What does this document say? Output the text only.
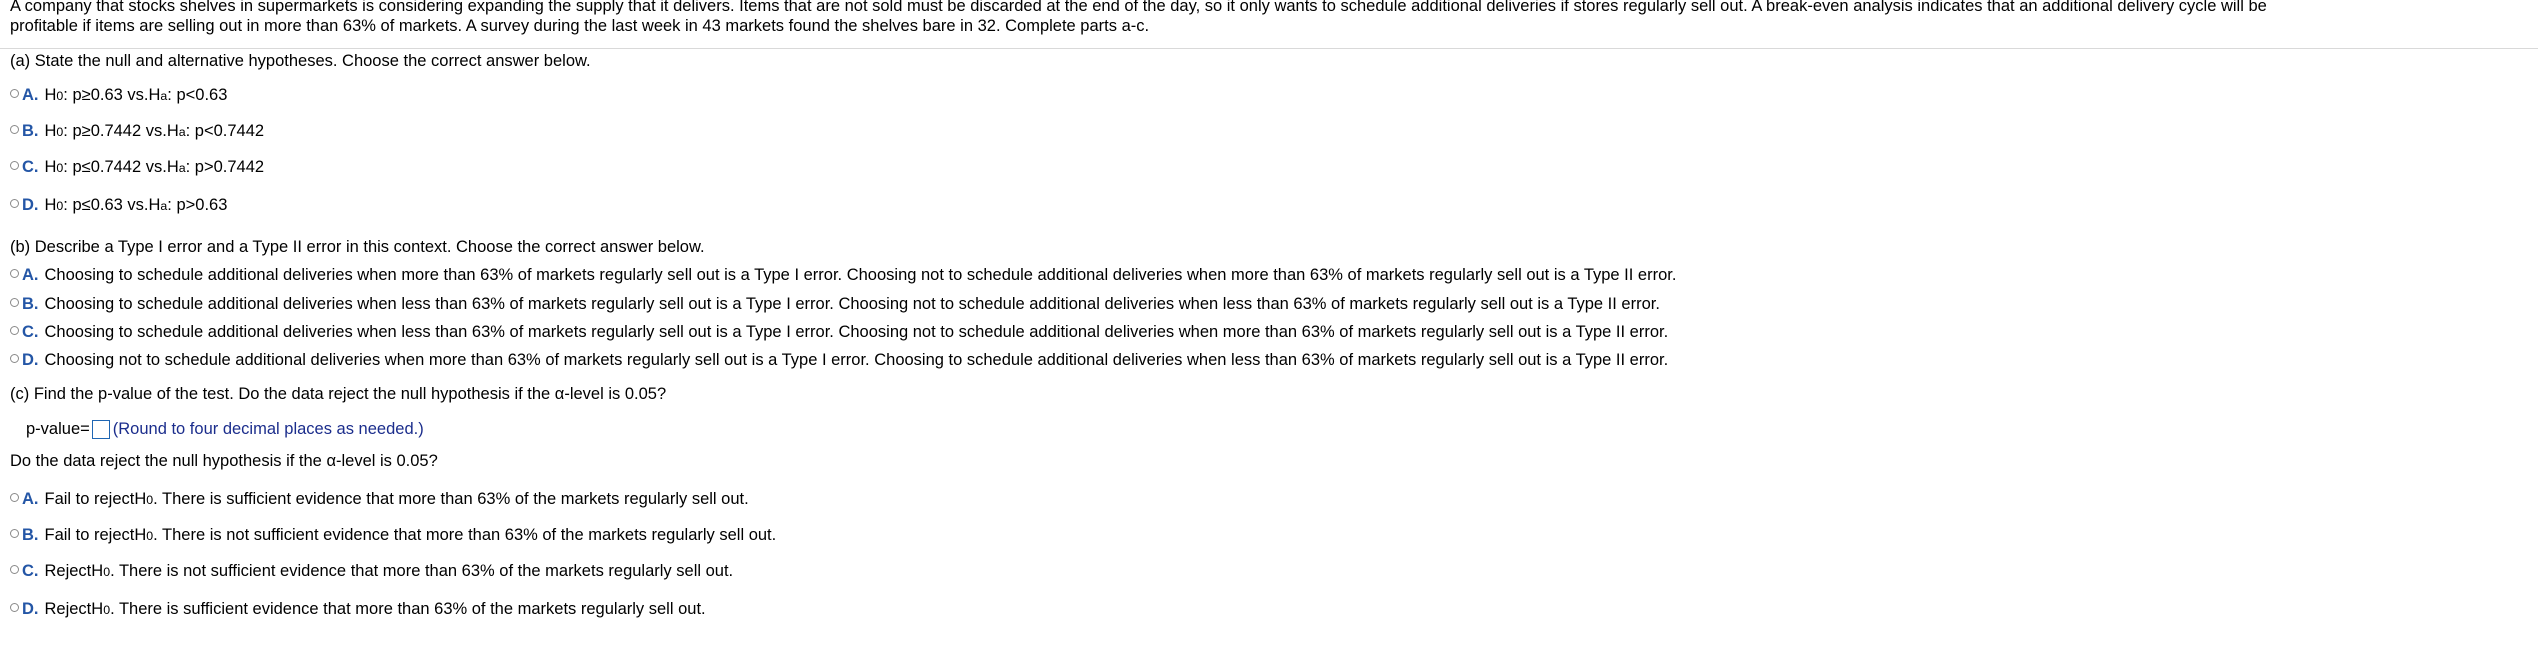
A company that stocks shelves in supermarkets is considering expanding the supply that it delivers. Items that are not sold must be discarded at the end of the day, so it only wants to schedule additional deliveries if stores regularly sell out. A break-even analysis indicates that an additional delivery cycle will be
profitable if items are selling out in more than 63% of markets. A survey during the last week in 43 markets found the shelves bare in 32. Complete parts a-c.
(a) State the null and alternative hypotheses. Choose the correct answer below.
A. H 0 : p≥0.63 vs. H a : p<0.63
B. H 0 : p≥0.7442 vs. H a : p<0.7442
C. H 0 : p≤0.7442 vs. H a : p>0.7442
D. H 0 : p≤0.63 vs. H a : p>0.63
(b) Describe a Type I error and a Type II error in this context. Choose the correct answer below.
A. Choosing to schedule additional deliveries when more than 63% of markets regularly sell out is a Type I error. Choosing not to schedule additional deliveries when more than 63% of markets regularly sell out is a Type II error.
B. Choosing to schedule additional deliveries when less than 63% of markets regularly sell out is a Type I error. Choosing not to schedule additional deliveries when less than 63% of markets regularly sell out is a Type II error.
C. Choosing to schedule additional deliveries when less than 63% of markets regularly sell out is a Type I error. Choosing not to schedule additional deliveries when more than 63% of markets regularly sell out is a Type II error.
D. Choosing not to schedule additional deliveries when more than 63% of markets regularly sell out is a Type I error. Choosing to schedule additional deliveries when less than 63% of markets regularly sell out is a Type II error.
(c) Find the p-value of the test. Do the data reject the null hypothesis if the α-level is 0.05?
p-value= (Round to four decimal places as needed.)
Do the data reject the null hypothesis if the α-level is 0.05?
A. Fail to reject H 0 . There is sufficient evidence that more than 63% of the markets regularly sell out.
B. Fail to reject H 0 . There is not sufficient evidence that more than 63% of the markets regularly sell out.
C. Reject H 0 . There is not sufficient evidence that more than 63% of the markets regularly sell out.
D. Reject H 0 . There is sufficient evidence that more than 63% of the markets regularly sell out.
